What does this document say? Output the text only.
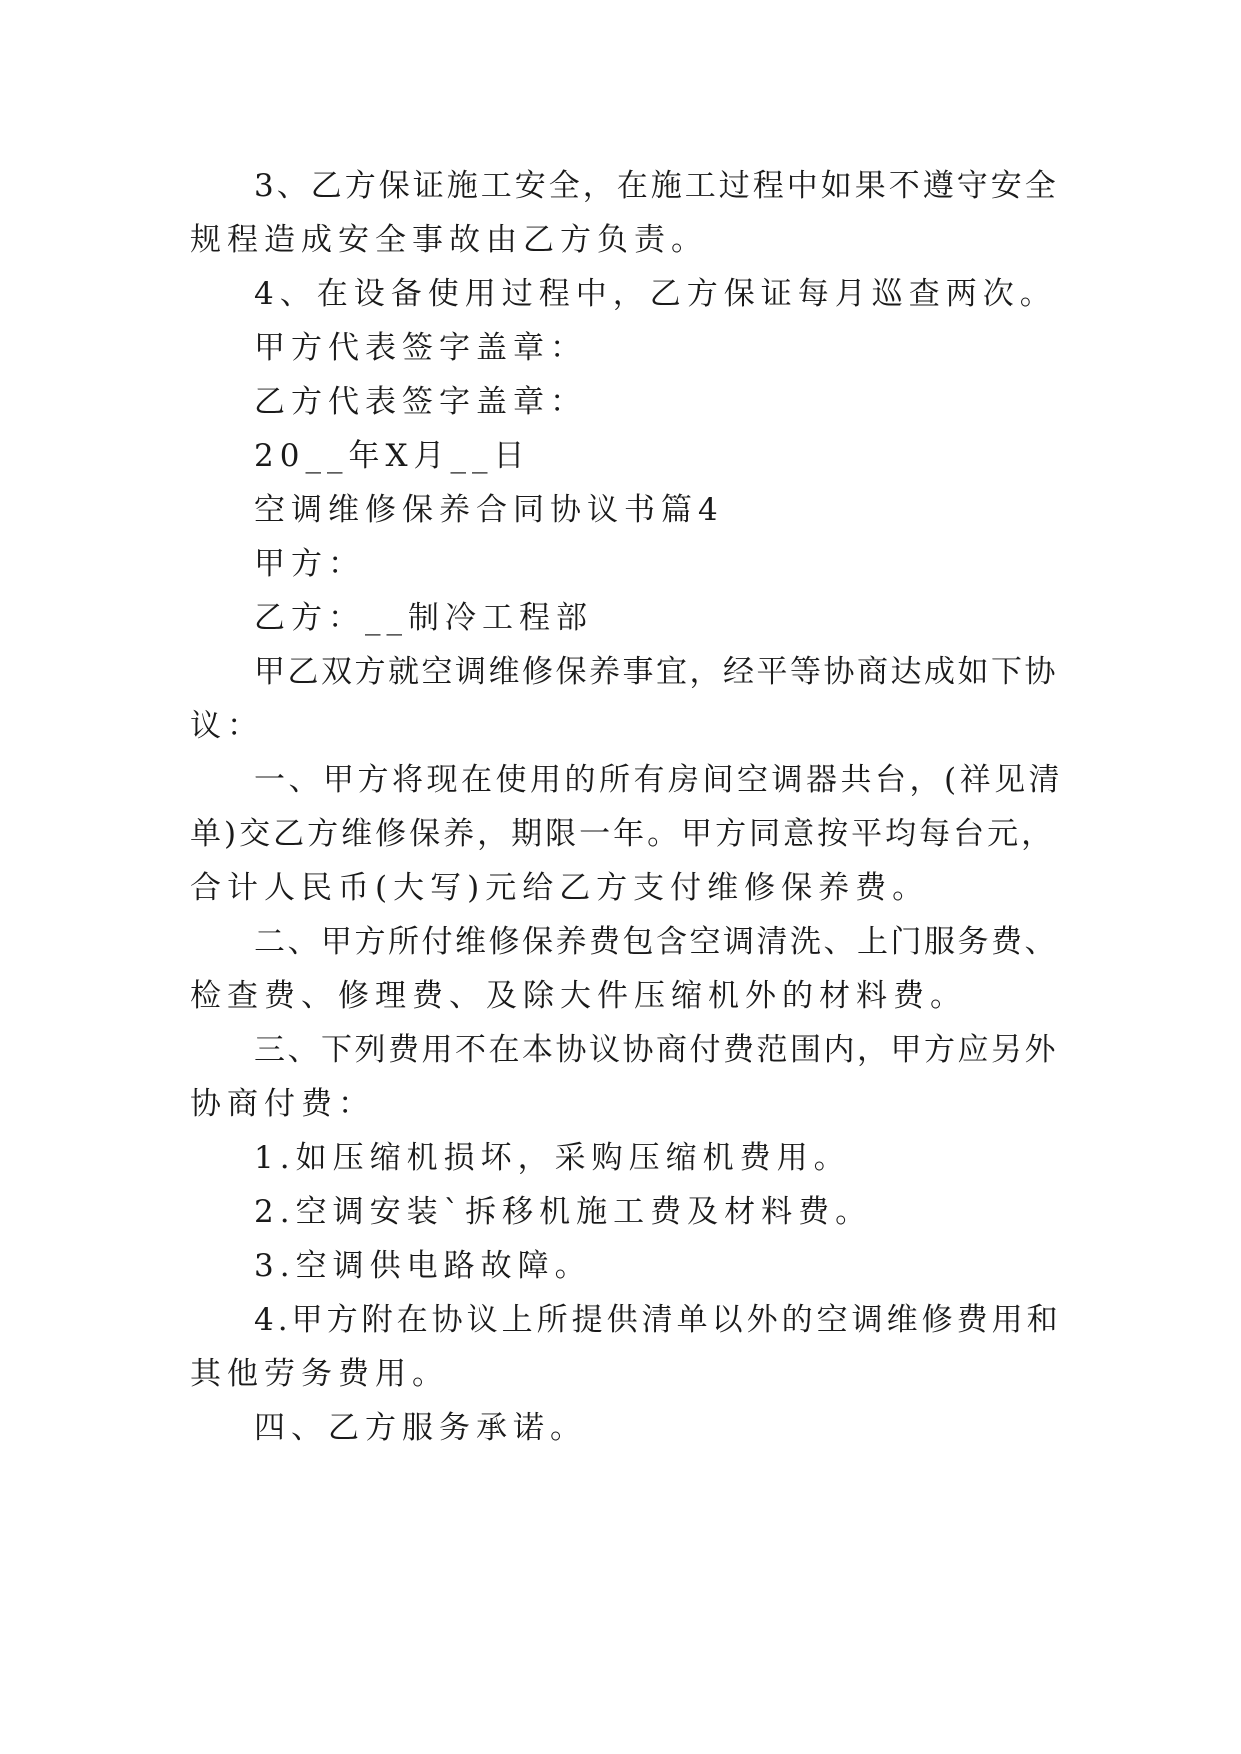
3、乙方保证施工安全，在施工过程中如果不遵守安全
规程造成安全事故由乙方负责。
4、在设备使用过程中，乙方保证每月巡查两次。
甲方代表签字盖章：
乙方代表签字盖章：
20__年X月__日
空调维修保养合同协议书篇4
甲方：
乙方：__制冷工程部
甲乙双方就空调维修保养事宜，经平等协商达成如下协
议：
一、甲方将现在使用的所有房间空调器共台，(祥见清
单)交乙方维修保养，期限一年。甲方同意按平均每台元，
合计人民币(大写)元给乙方支付维修保养费。
二、甲方所付维修保养费包含空调清洗、上门服务费、
检查费、修理费、及除大件压缩机外的材料费。
三、下列费用不在本协议协商付费范围内，甲方应另外
协商付费：
1.如压缩机损坏，采购压缩机费用。
2.空调安装`拆移机施工费及材料费。
3.空调供电路故障。
4.甲方附在协议上所提供清单以外的空调维修费用和
其他劳务费用。
四、乙方服务承诺。
